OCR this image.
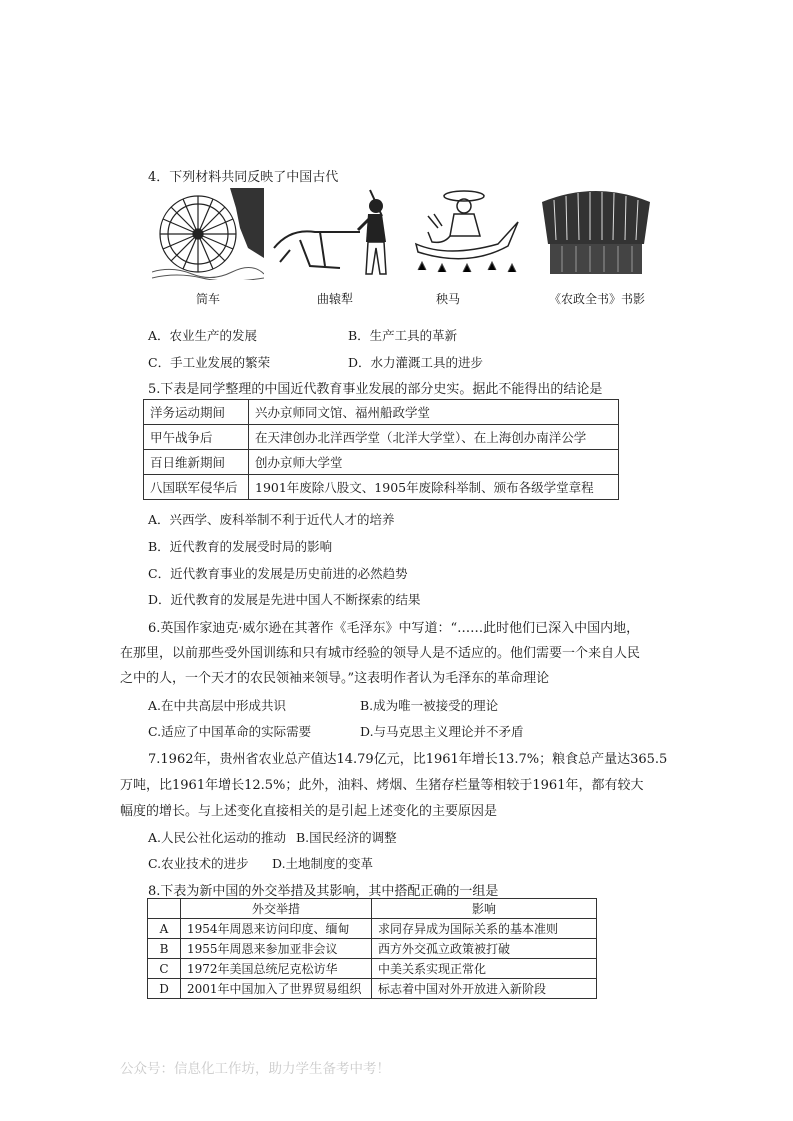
4．下列材料共同反映了中国古代
筒车	曲辕犁	秧马	《农政全书》书影
A．农业生产的发展	B．生产工具的革新
C．手工业发展的繁荣	D．水力灌溉工具的进步
5.下表是同学整理的中国近代教育事业发展的部分史实。据此不能得出的结论是
洋务运动期间	兴办京师同文馆、福州船政学堂
甲午战争后	在天津创办北洋西学堂（北洋大学堂）、在上海创办南洋公学
百日维新期间	创办京师大学堂
八国联军侵华后	1901年废除八股文、1905年废除科举制、颁布各级学堂章程
A．兴西学、废科举制不利于近代人才的培养
B．近代教育的发展受时局的影响
C．近代教育事业的发展是历史前进的必然趋势
D．近代教育的发展是先进中国人不断探索的结果
6.英国作家迪克·威尔逊在其著作《毛泽东》中写道：“……此时他们已深入中国内地，
在那里，以前那些受外国训练和只有城市经验的领导人是不适应的。他们需要一个来自人民
之中的人，一个天才的农民领袖来领导。”这表明作者认为毛泽东的革命理论
A.在中共高层中形成共识	B.成为唯一被接受的理论
C.适应了中国革命的实际需要	D.与马克思主义理论并不矛盾
7.1962年，贵州省农业总产值达14.79亿元，比1961年增长13.7%；粮食总产量达365.5
万吨，比1961年增长12.5%；此外，油料、烤烟、生猪存栏量等相较于1961年，都有较大
幅度的增长。与上述变化直接相关的是引起上述变化的主要原因是
A.人民公社化运动的推动 B.国民经济的调整
C.农业技术的进步 D.土地制度的变革
8.下表为新中国的外交举措及其影响，其中搭配正确的一组是
	外交举措	影响
A	1954年周恩来访问印度、缅甸	求同存异成为国际关系的基本准则
B	1955年周恩来参加亚非会议	西方外交孤立政策被打破
C	1972年美国总统尼克松访华	中美关系实现正常化
D	2001年中国加入了世界贸易组织	标志着中国对外开放进入新阶段
公众号：信息化工作坊，助力学生备考中考！
